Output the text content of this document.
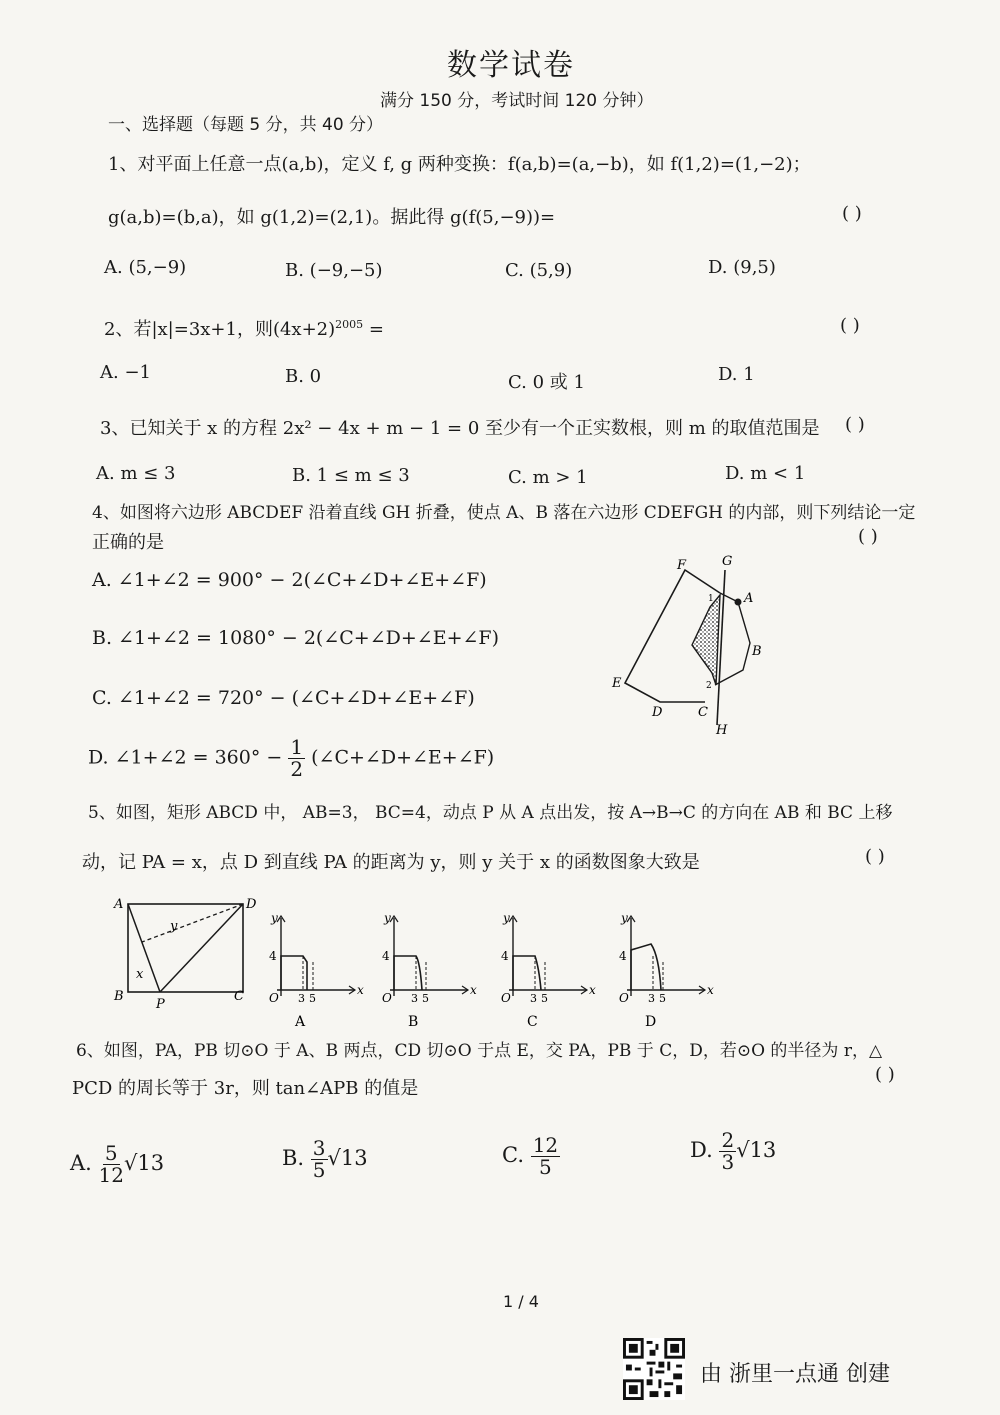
数学试卷
满分 150 分，考试时间 120 分钟）
一、选择题（每题 5 分，共 40 分）
1、对平面上任意一点(a,b)，定义 f, g 两种变换：f(a,b)=(a,−b)，如 f(1,2)=(1,−2)；
g(a,b)=(b,a)，如 g(1,2)=(2,1)。据此得 g(f(5,−9))=	( )
A. (5,−9)	B. (−9,−5)	C. (5,9)	D. (9,5)
2、若|x|=3x+1，则$(4x+2)^{2005}$ =	( )
A. −1	B. 0	C. 0 或 1	D. 1
3、已知关于 x 的方程 2x² − 4x + m − 1 = 0 至少有一个正实数根，则 m 的取值范围是 ( )
A. m ≤ 3	B. 1 ≤ m ≤ 3	C. m > 1	D. m < 1
4、如图将六边形 ABCDEF 沿着直线 GH 折叠，使点 A、B 落在六边形 CDEFGH 的内部，则下列结论一定
正确的是	( )
A. ∠1+∠2 = 900° − 2(∠C+∠D+∠E+∠F)
B. ∠1+∠2 = 1080° − 2(∠C+∠D+∠E+∠F)
C. ∠1+∠2 = 720° − (∠C+∠D+∠E+∠F)
D. ∠1+∠2 = $360^\circ - \frac{1}{2}$ (∠C+∠D+∠E+∠F)
F	G
A
B
E
D	C
H
1
2
5、如图，矩形 ABCD 中， AB=3， BC=4，动点 P 从 A 点出发，按 A→B→C 的方向在 AB 和 BC 上移
动，记 PA = x，点 D 到直线 PA 的距离为 y，则 y 关于 x 的函数图象大致是	( )
A	D
B	C
P
x
y
y
x
O
4
3 5
A
y
x
O
4
3 5
B
y
x
O
4
3 5
C
y
x
O
4
3 5
D
6、如图，PA，PB 切⊙O 于 A、B 两点，CD 切⊙O 于点 E，交 PA，PB 于 C，D，若⊙O 的半径为 r，△
PCD 的周长等于 3r，则 tan∠APB 的值是
( )
A. $\frac{5}{12} √13$	B. $\frac{3}{5} √13$	C. $\frac{12}{5}$	D. $\frac{2}{3} √13$
1 / 4
由 浙里一点通 创建
